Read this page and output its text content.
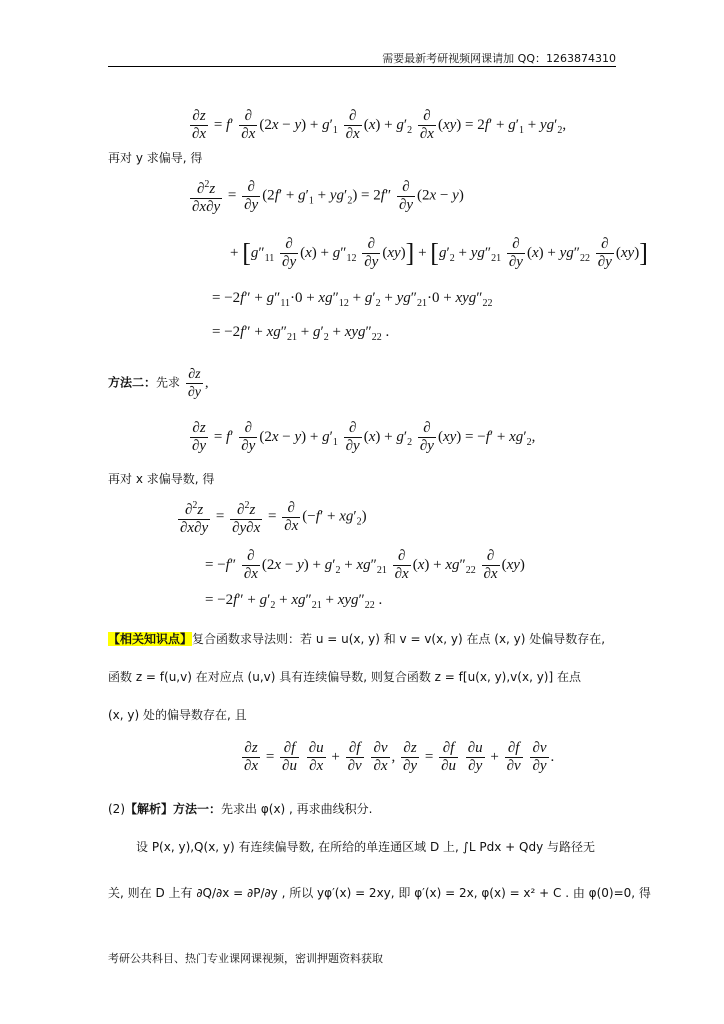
需要最新考研视频网课请加 QQ：1263874310
$\frac{\partial z}{\partial x} = f' \frac{\partial}{\partial x} (2x - y) + g'_1 \frac{\partial}{\partial x} (x) + g'_2 \frac{\partial}{\partial x} (xy) = 2f' + g'_1 + yg'_2$,
再对 y 求偏导, 得
$\frac{\partial^2z}{\partial x\partial y} = \frac{\partial}{\partial y} (2f' + g'_1 + yg'_2) = 2f'' \frac{\partial}{\partial y} (2x - y)$
+ $[g''_{11} \frac{\partial}{\partial y} (x) + g''_{12} \frac{\partial}{\partial y} (xy)] + [g'_2 + yg''_{21} \frac{\partial}{\partial y} (x) + yg''_{22} \frac{\partial}{\partial y} (xy)]$
= $-2f'' + g''_{11}\cdot 0 + xg''_{12} + g'_2 + yg''_{21}\cdot 0 + xyg''_{22}$
= $-2f'' + xg''_{21} + g'_2 + xyg''_{22}$ .
方法二：先求 $\frac{\partial z}{\partial y}$ ,
$\frac{\partial z}{\partial y} = f' \frac{\partial}{\partial y} (2x - y) + g'_1 \frac{\partial}{\partial y} (x) + g'_2 \frac{\partial}{\partial y} (xy) = -f' + xg'_2$,
再对 x 求偏导数, 得
$\frac{\partial^2z}{\partial x\partial y} = \frac{\partial^2z}{\partial y\partial x} = \frac{\partial}{\partial x} (-f' + xg'_2)$
= $-f'' \frac{\partial}{\partial x} (2x - y) + g'_2 + xg''_{21} \frac{\partial}{\partial x} (x) + xg''_{22} \frac{\partial}{\partial x} (xy)$
= $-2f'' + g'_2 + xg''_{21} + xyg''_{22}$ .
【相关知识点】复合函数求导法则：若 u = u(x, y) 和 v = v(x, y) 在点 (x, y) 处偏导数存在,
函数 z = f(u,v) 在对应点 (u,v) 具有连续偏导数, 则复合函数 z = f[u(x, y),v(x, y)] 在点
(x, y) 处的偏导数存在, 且
$\frac{\partial z}{\partial x} = \frac{\partial f}{\partial u}$
$\frac{\partial u}{\partial x} + \frac{\partial f}{\partial v}$
$\frac{\partial v}{\partial x}$ , $\frac{\partial z}{\partial y} = \frac{\partial f}{\partial u}$
$\frac{\partial u}{\partial y} + \frac{\partial f}{\partial v}$
$\frac{\partial v}{\partial y}$ .
(2)【解析】方法一：先求出 φ(x) , 再求曲线积分.
设 P(x, y),Q(x, y) 有连续偏导数, 在所给的单连通区域 D 上, ∫L Pdx + Qdy 与路径无
关, 则在 D 上有 ∂Q/∂x = ∂P/∂y , 所以 yφ′(x) = 2xy, 即 φ′(x) = 2x, φ(x) = x² + C . 由 φ(0)=0, 得
考研公共科目、热门专业课网课视频，密训押题资料获取
